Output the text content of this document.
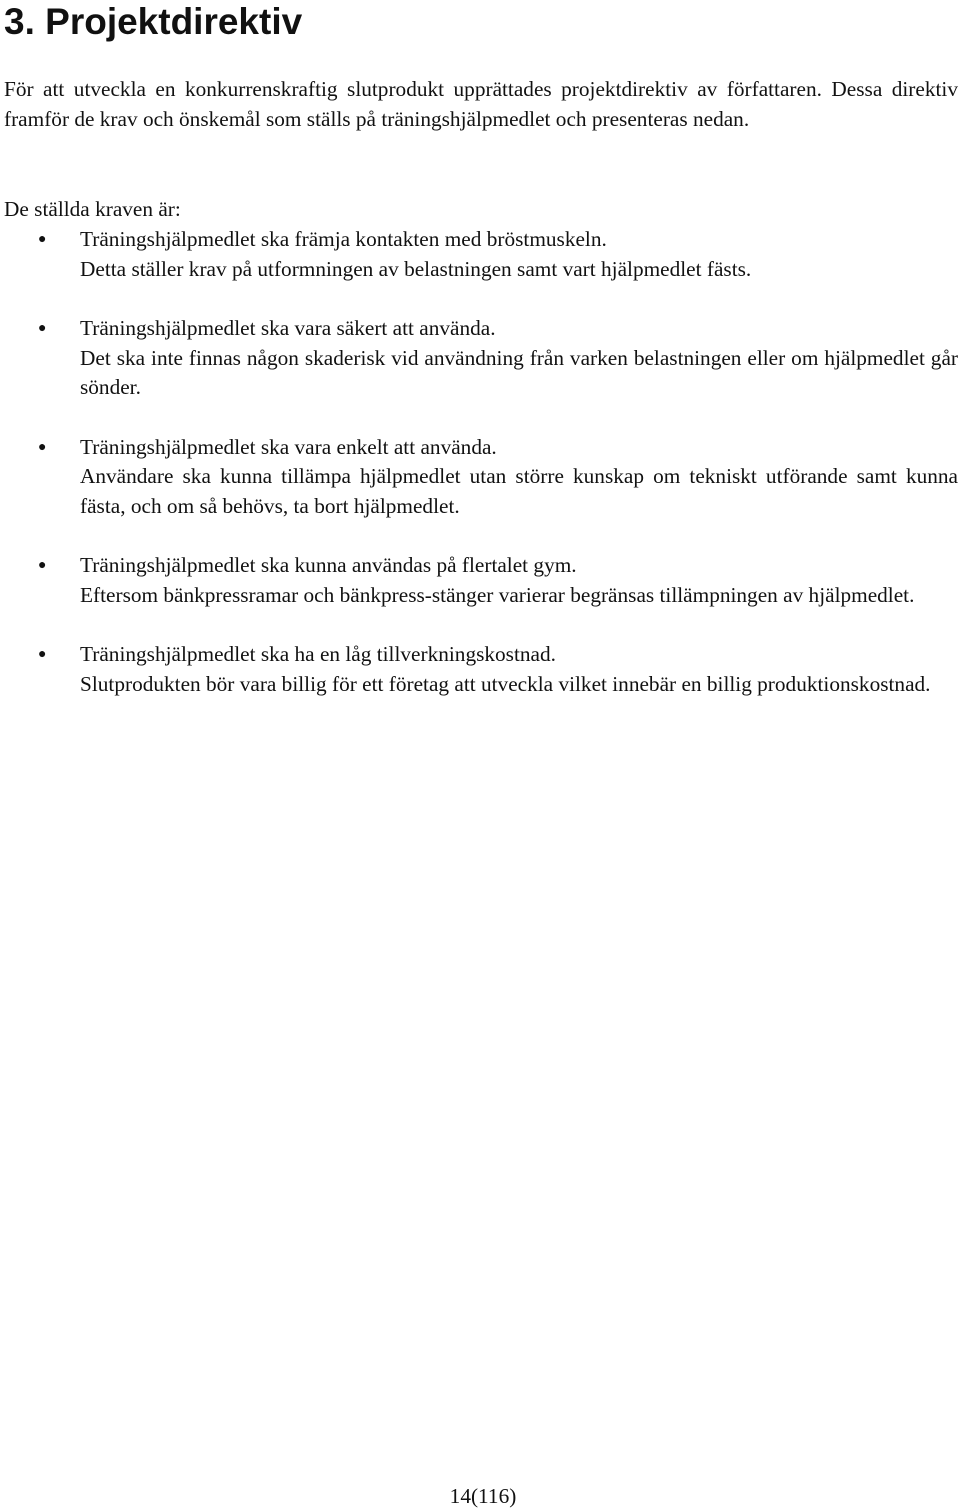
3. Projektdirektiv

För att utveckla en konkurrenskraftig slutprodukt upprättades projektdirektiv av författaren. Dessa direktiv framför de krav och önskemål som ställs på träningshjälpmedlet och presenteras nedan.

De ställda kraven är:

● Träningshjälpmedlet ska främja kontakten med bröstmuskeln.
Detta ställer krav på utformningen av belastningen samt vart hjälpmedlet fästs.
● Träningshjälpmedlet ska vara säkert att använda.
Det ska inte finnas någon skaderisk vid användning från varken belastningen eller om hjälpmedlet går sönder.
● Träningshjälpmedlet ska vara enkelt att använda.
Användare ska kunna tillämpa hjälpmedlet utan större kunskap om tekniskt utförande samt kunna fästa, och om så behövs, ta bort hjälpmedlet.
● Träningshjälpmedlet ska kunna användas på flertalet gym.
Eftersom bänkpressramar och bänkpress-stänger varierar begränsas tillämpningen av hjälpmedlet.
● Träningshjälpmedlet ska ha en låg tillverkningskostnad.
Slutprodukten bör vara billig för ett företag att utveckla vilket innebär en billig produktionskostnad.

14(116)
